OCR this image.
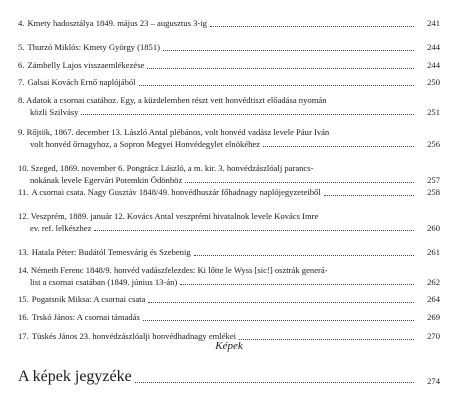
4. Kmety hadosztálya 1849. május 23 – augusztus 3-ig	241
5. Thurzó Miklós: Kmety György (1851)	244
6. Zámbelly Lajos visszaemlékezése	244
7. Galsai Kovách Ernő naplójából	250
8. Adatok a csornai csatához. Egy, a küzdelemben részt vett honvédtiszt előadása nyomán
közli Szilvásy	251
9. Rőjtök, 1867. december 13. László Antal plébános, volt honvéd vadász levele Páur Iván
volt honvéd őrnagyhoz, a Sopron Megyei Honvédegylet elnökéhez	256
10. Szeged, 1869. november 6. Pongrácz László, a m. kir. 3. honvédzászlóalj parancs-
nokának levele Egervári Potemkin Ödönhöz	257
11. A csornai csata. Nagy Gusztáv 1848/49. honvédhuszár főhadnagy naplójegyzeteiből	258
12. Veszprém, 1889. január 12. Kovács Antal veszprémi hivatalnok levele Kovács Imre
ev. ref. lelkészhez	260
13. Hatala Péter: Budától Temesvárig és Szebenig	261
14. Németh Ferenc 1848/9. honvéd vadászfelezdes: Ki lőtte le Wyss [sic!] osztrák generá-
list a csornai csatában (1849. június 13-án)	262
15. Pogatsnik Miksa: A csornai csata	264
16. Trskó János: A csornai támadás	269
17. Tüskés János 23. honvédzászlóalji honvédhadnagy emlékei	270
Képek
A képek jegyzéke	274
